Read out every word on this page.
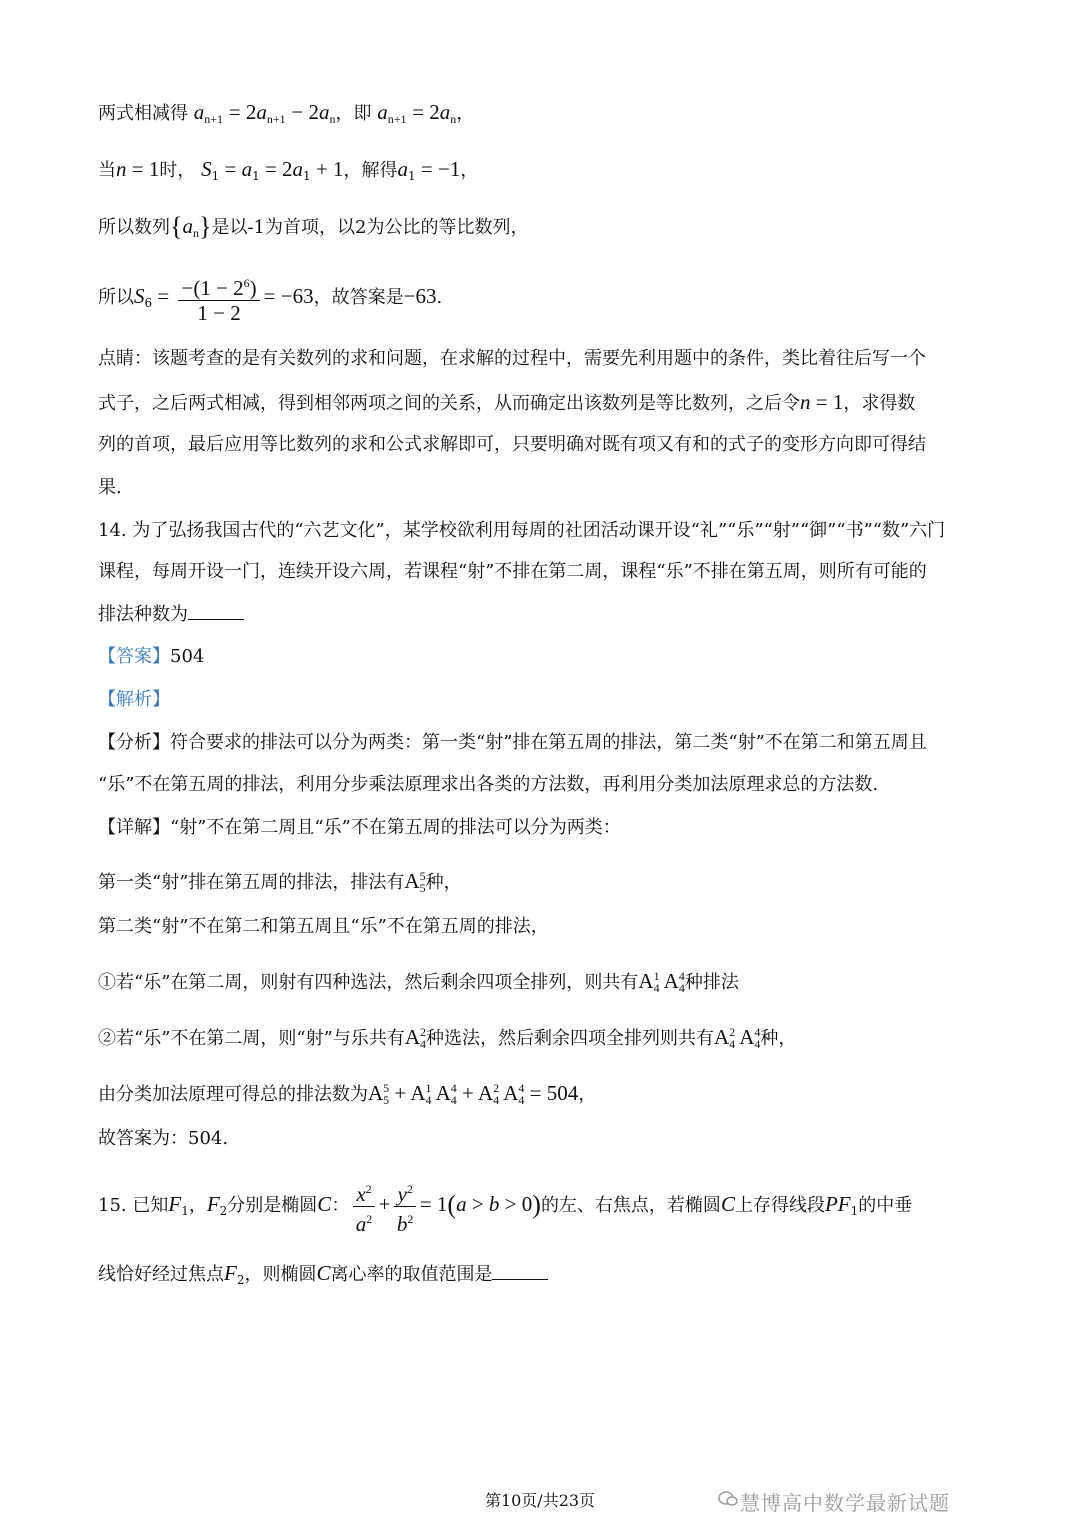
两式相减得 $a_{n+1} = 2a_{n+1} - 2a_n$，即 $a_{n+1} = 2a_n$，
当n = 1时， $S_1 = a_1 = 2a_1 + 1$，解得$a_1 = -1$，
所以数列$\{a_n\}$是以-1为首项，以2为公比的等比数列，
所以$S_6 = \frac{-(1 - 2^6)}{1 - 2} = -63$，故答案是−63.
点睛：该题考查的是有关数列的求和问题，在求解的过程中，需要先利用题中的条件，类比着往后写一个
式子，之后两式相减，得到相邻两项之间的关系，从而确定出该数列是等比数列，之后令n = 1，求得数
列的首项，最后应用等比数列的求和公式求解即可，只要明确对既有项又有和的式子的变形方向即可得结
果.
14. 为了弘扬我国古代的“六艺文化”，某学校欲利用每周的社团活动课开设“礼”“乐”“射”“御”“书”“数”六门
课程，每周开设一门，连续开设六周，若课程“射”不排在第二周，课程“乐”不排在第五周，则所有可能的
排法种数为
【答案】504
【解析】
【分析】符合要求的排法可以分为两类：第一类“射”排在第五周的排法，第二类“射”不在第二和第五周且
“乐”不在第五周的排法，利用分步乘法原理求出各类的方法数，再利用分类加法原理求总的方法数.
【详解】“射”不在第二周且“乐”不在第五周的排法可以分为两类：
第一类“射”排在第五周的排法，排法有$A_5^5$种，
第二类“射”不在第二和第五周且“乐”不在第五周的排法，
①若“乐”在第二周，则射有四种选法，然后剩余四项全排列，则共有$A_4^1$ $A_4^4$种排法
②若“乐”不在第二周，则“射”与乐共有$A_4^2$种选法，然后剩余四项全排列则共有$A_4^2$ $A_4^4$种，
由分类加法原理可得总的排法数为$A_5^5 + A_4^1$ $A_4^4 + A_4^2$ $A_4^4 = 504$，
故答案为：504.
15. 已知$F_1$，$F_2$分别是椭圆C： $\frac{x^2}{a^2} + \frac{y^2}{b^2} = 1(a > b > 0)$的左、右焦点，若椭圆C上存得线段$PF_1$的中垂
线恰好经过焦点$F_2$，则椭圆C离心率的取值范围是
慧博高中数学最新试题
第10页/共23页
